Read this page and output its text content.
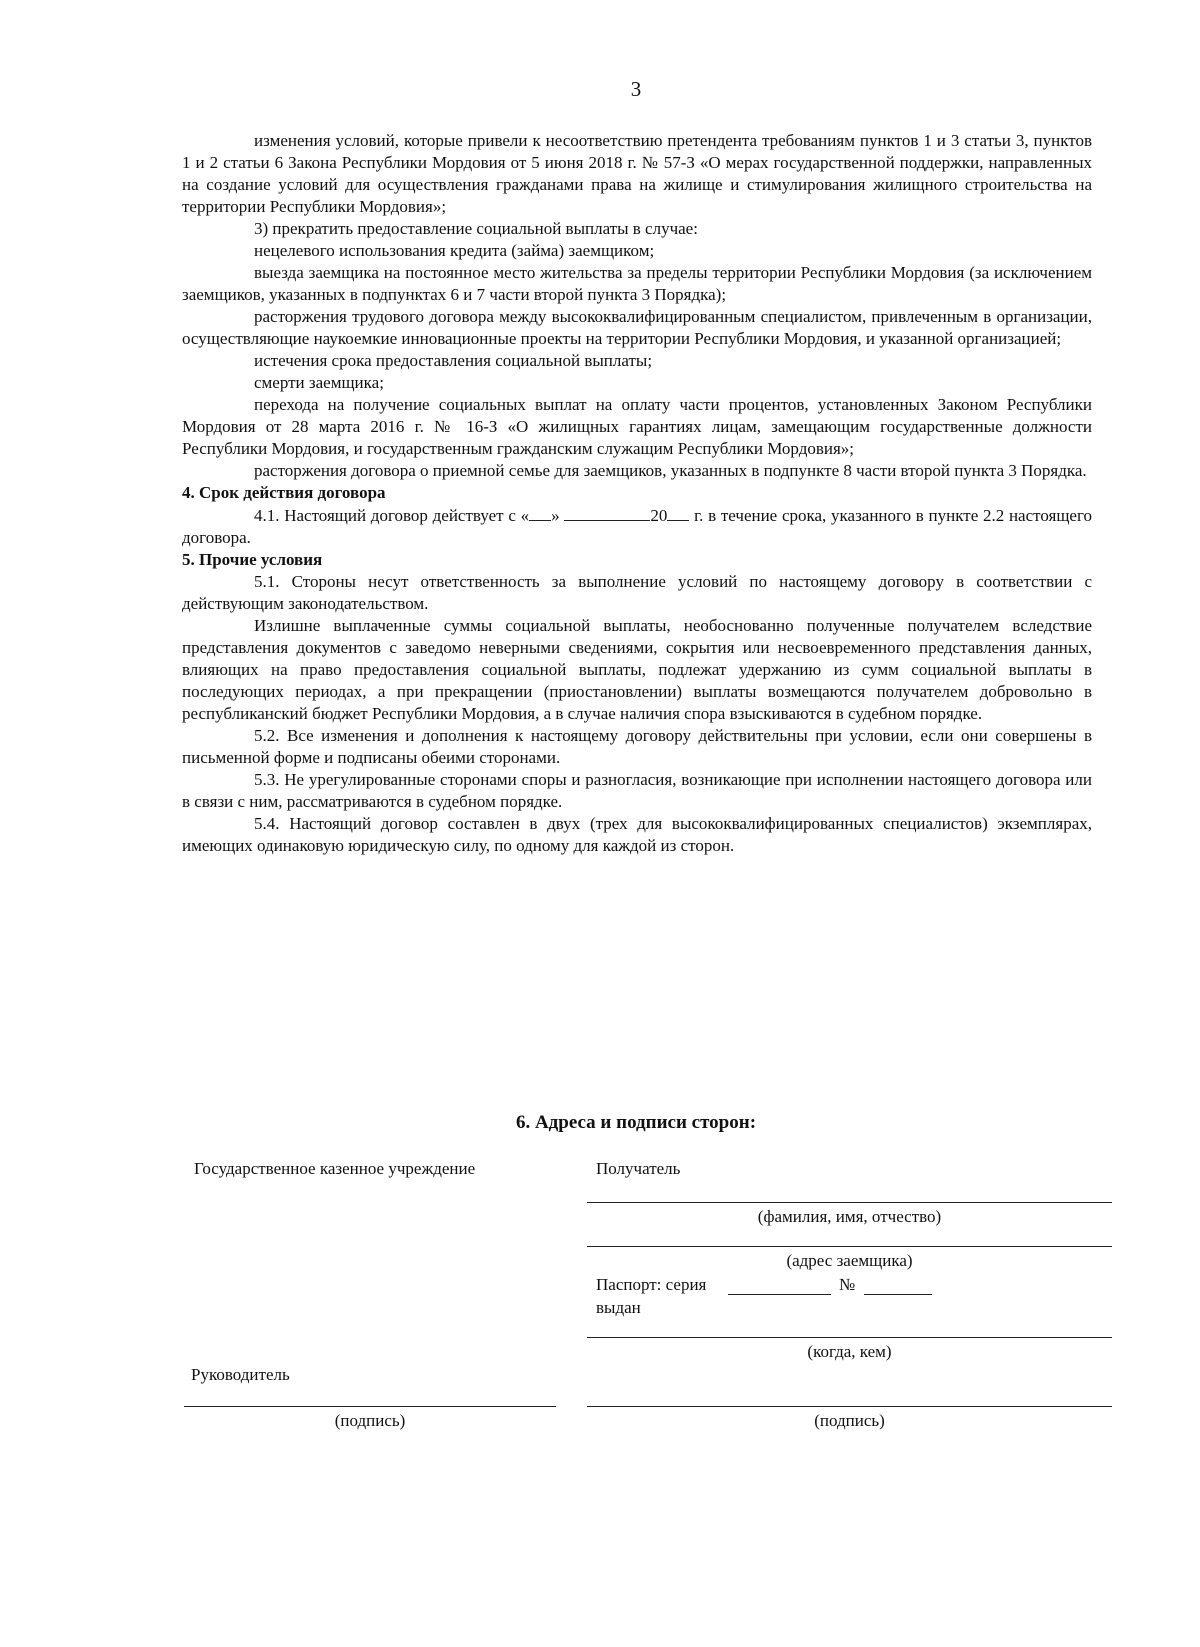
3

изменения условий, которые привели к несоответствию претендента требованиям пунктов 1 и 3 статьи 3, пунктов 1 и 2 статьи 6 Закона Республики Мордовия от 5 июня 2018 г. № 57-З «О мерах государственной поддержки, направленных на создание условий для осуществления гражданами права на жилище и стимулирования жилищного строительства на территории Республики Мордовия»;

3) прекратить предоставление социальной выплаты в случае:

нецелевого использования кредита (займа) заемщиком;

выезда заемщика на постоянное место жительства за пределы территории Республики Мордовия (за исключением заемщиков, указанных в подпунктах 6 и 7 части второй пункта 3 Порядка);

расторжения трудового договора между высококвалифицированным специалистом, привлеченным в организации, осуществляющие наукоемкие инновационные проекты на территории Республики Мордовия, и указанной организацией;

истечения срока предоставления социальной выплаты;

смерти заемщика;

перехода на получение социальных выплат на оплату части процентов, установленных Законом Республики Мордовия от 28 марта 2016 г. № 16-З «О жилищных гарантиях лицам, замещающим государственные должности Республики Мордовия, и государственным гражданским служащим Республики Мордовия»;

расторжения договора о приемной семье для заемщиков, указанных в подпункте 8 части второй пункта 3 Порядка.

4. Срок действия договора

4.1. Настоящий договор действует с « »	20 г. в течение срока, указанного в пункте 2.2 настоящего договора.

5. Прочие условия

5.1. Стороны несут ответственность за выполнение условий по настоящему договору в соответствии с действующим законодательством.

Излишне выплаченные суммы социальной выплаты, необоснованно полученные получателем вследствие представления документов с заведомо неверными сведениями, сокрытия или несвоевременного представления данных, влияющих на право предоставления социальной выплаты, подлежат удержанию из сумм социальной выплаты в последующих периодах, а при прекращении (приостановлении) выплаты возмещаются получателем добровольно в республиканский бюджет Республики Мордовия, а в случае наличия спора взыскиваются в судебном порядке.

5.2. Все изменения и дополнения к настоящему договору действительны при условии, если они совершены в письменной форме и подписаны обеими сторонами.

5.3. Не урегулированные сторонами споры и разногласия, возникающие при исполнении настоящего договора или в связи с ним, рассматриваются в судебном порядке.

5.4. Настоящий договор составлен в двух (трех для высококвалифицированных специалистов) экземплярах, имеющих одинаковую юридическую силу, по одному для каждой из сторон.

6. Адреса и подписи сторон:
Государственное казенное учреждение	Получатель
(фамилия, имя, отчество)
(адрес заемщика)
Паспорт: серия	№
выдан
(когда, кем)
Руководитель
(подпись)	(подпись)
